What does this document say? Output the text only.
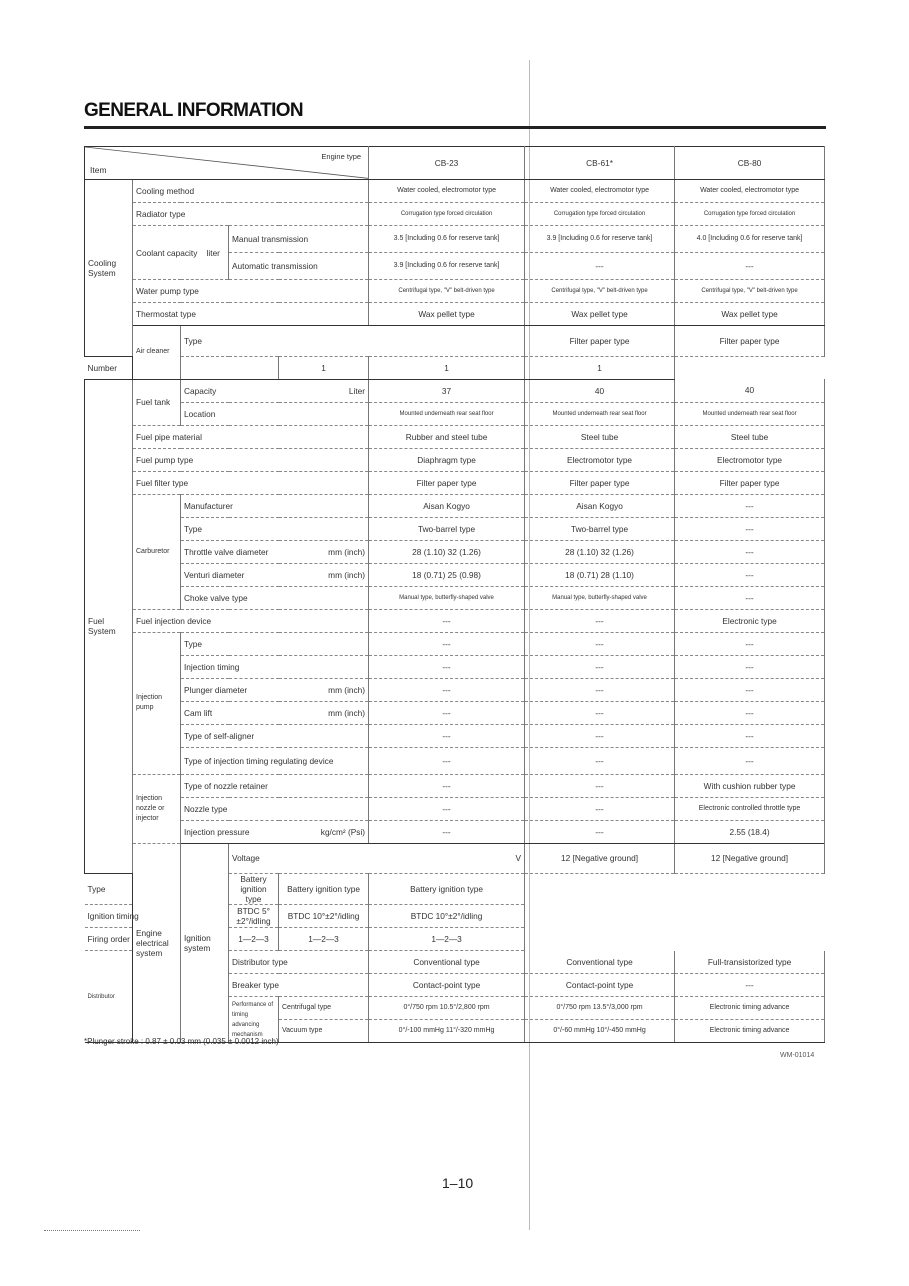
GENERAL INFORMATION
Engine type
Item					CB-23	CB-61*	CB-80	
Cooling System	Cooling method				Water cooled, electromotor type	Water cooled, electromotor type	Water cooled, electromotor type	
	Radiator type				Corrugation type forced circulation	Corrugation type forced circulation	Corrugation type forced circulation	
	Coolant capacity liter		Manual transmission		3.5 [Including 0.6 for reserve tank]	3.9 [Including 0.6 for reserve tank]	4.0 [Including 0.6 for reserve tank]	
			Automatic transmission		3.9 [Including 0.6 for reserve tank]	---	---	
	Water pump type				Centrifugal type, "V" belt-driven type	Centrifugal type, "V" belt-driven type	Centrifugal type, "V" belt-driven type	
	Thermostat type				Wax pellet type	Wax pellet type	Wax pellet type	
	Air cleaner	Type				Filter paper type	Filter paper type	
Number				1	1	1		
Fuel System	Fuel tank	Capacity Liter			37	40	40	
		Location			Mounted underneath rear seat floor	Mounted underneath rear seat floor	Mounted underneath rear seat floor	
	Fuel pipe material				Rubber and steel tube	Steel tube	Steel tube	
	Fuel pump type				Diaphragm type	Electromotor type	Electromotor type	
	Fuel filter type				Filter paper type	Filter paper type	Filter paper type	
	Carburetor	Manufacturer			Aisan Kogyo	Aisan Kogyo	---	
		Type			Two-barrel type	Two-barrel type	---	
		Throttle valve diameter mm (inch)			28 (1.10) 32 (1.26)	28 (1.10) 32 (1.26)	---	
		Venturi diameter mm (inch)			18 (0.71) 25 (0.98)	18 (0.71) 28 (1.10)	---	
		Choke valve type			Manual type, butterfly-shaped valve	Manual type, butterfly-shaped valve	---	
	Fuel injection device				---	---	Electronic type	
	Injection pump	Type			---	---	---	
		Injection timing			---	---	---	
		Plunger diameter mm (inch)			---	---	---	
		Cam lift mm (inch)			---	---	---	
		Type of self-aligner			---	---	---	
		Type of injection timing regulating device			---	---	---	
	Injection nozzle or injector	Type of nozzle retainer			---	---	With cushion rubber type	
		Nozzle type			---	---	Electronic controlled throttle type	
		Injection pressure kg/cm² (Psi)			---	---	2.55 (18.4)	
	Engine electrical system	Ignition system	Voltage V			12 [Negative ground]	12 [Negative ground]	
Type			Battery ignition type	Battery ignition type	Battery ignition type			
Ignition timing			BTDC 5°±2°/idling	BTDC 10°±2°/idling	BTDC 10°±2°/idling			
Firing order			1—2—3	1—2—3	1—2—3			
Distributor			Distributor type		Conventional type	Conventional type	Full-transistorized type	
			Breaker type		Contact-point type	Contact-point type	---	
			Performance of timing advancing mechanism	Centrifugal type	0°/750 rpm 10.5°/2,800 rpm	0°/750 rpm 13.5°/3,000 rpm	Electronic timing advance	
				Vacuum type	0°/-100 mmHg 11°/-320 mmHg	0°/-60 mmHg 10°/-450 mmHg	Electronic timing advance	
*Plunger stroke : 0.87 ± 0.03 mm (0.035 ± 0.0012 inch)
WM-01014
1–10
